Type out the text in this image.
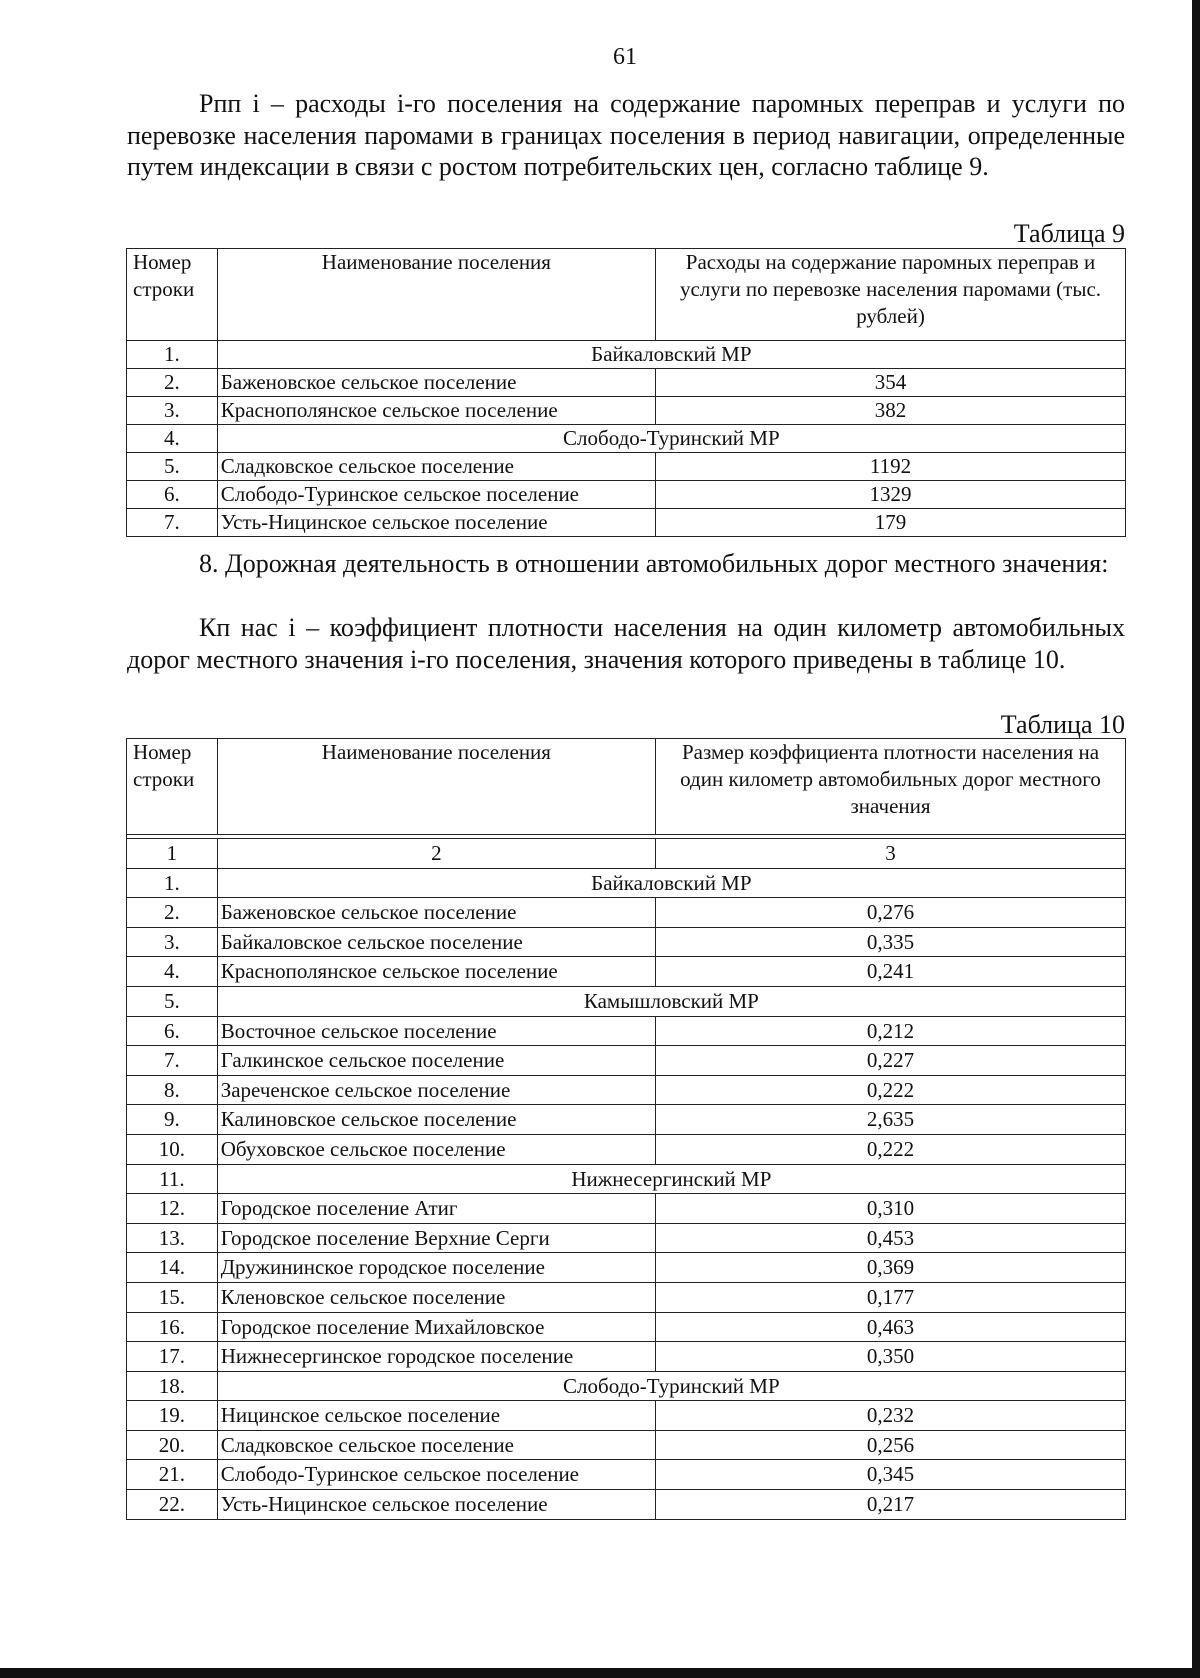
61

Рпп i – расходы i-го поселения на содержание паромных переправ и услуги по перевозке населения паромами в границах поселения в период навигации, определенные путем индексации в связи с ростом потребительских цен, согласно таблице 9.

Таблица 9
Номер строки	Наименование поселения	Расходы на содержание паромных переправ и услуги по перевозке населения паромами (тыс. рублей)
1.	Байкаловский МР	
2.	Баженовское сельское поселение	354
3.	Краснополянское сельское поселение	382
4.	Слободо-Туринский МР	
5.	Сладковское сельское поселение	1192
6.	Слободо-Туринское сельское поселение	1329
7.	Усть-Ницинское сельское поселение	179

8. Дорожная деятельность в отношении автомобильных дорог местного значения:

Кп нас i – коэффициент плотности населения на один километр автомобильных дорог местного значения i-го поселения, значения которого приведены в таблице 10.

Таблица 10
Номер строки	Наименование поселения	Размер коэффициента плотности населения на один километр автомобильных дорог местного значения

1	2	3
1.	Байкаловский МР	
2.	Баженовское сельское поселение	0,276
3.	Байкаловское сельское поселение	0,335
4.	Краснополянское сельское поселение	0,241
5.	Камышловский МР	
6.	Восточное сельское поселение	0,212
7.	Галкинское сельское поселение	0,227
8.	Зареченское сельское поселение	0,222
9.	Калиновское сельское поселение	2,635
10.	Обуховское сельское поселение	0,222
11.	Нижнесергинский МР	
12.	Городское поселение Атиг	0,310
13.	Городское поселение Верхние Серги	0,453
14.	Дружининское городское поселение	0,369
15.	Кленовское сельское поселение	0,177
16.	Городское поселение Михайловское	0,463
17.	Нижнесергинское городское поселение	0,350
18.	Слободо-Туринский МР	
19.	Ницинское сельское поселение	0,232
20.	Сладковское сельское поселение	0,256
21.	Слободо-Туринское сельское поселение	0,345
22.	Усть-Ницинское сельское поселение	0,217
